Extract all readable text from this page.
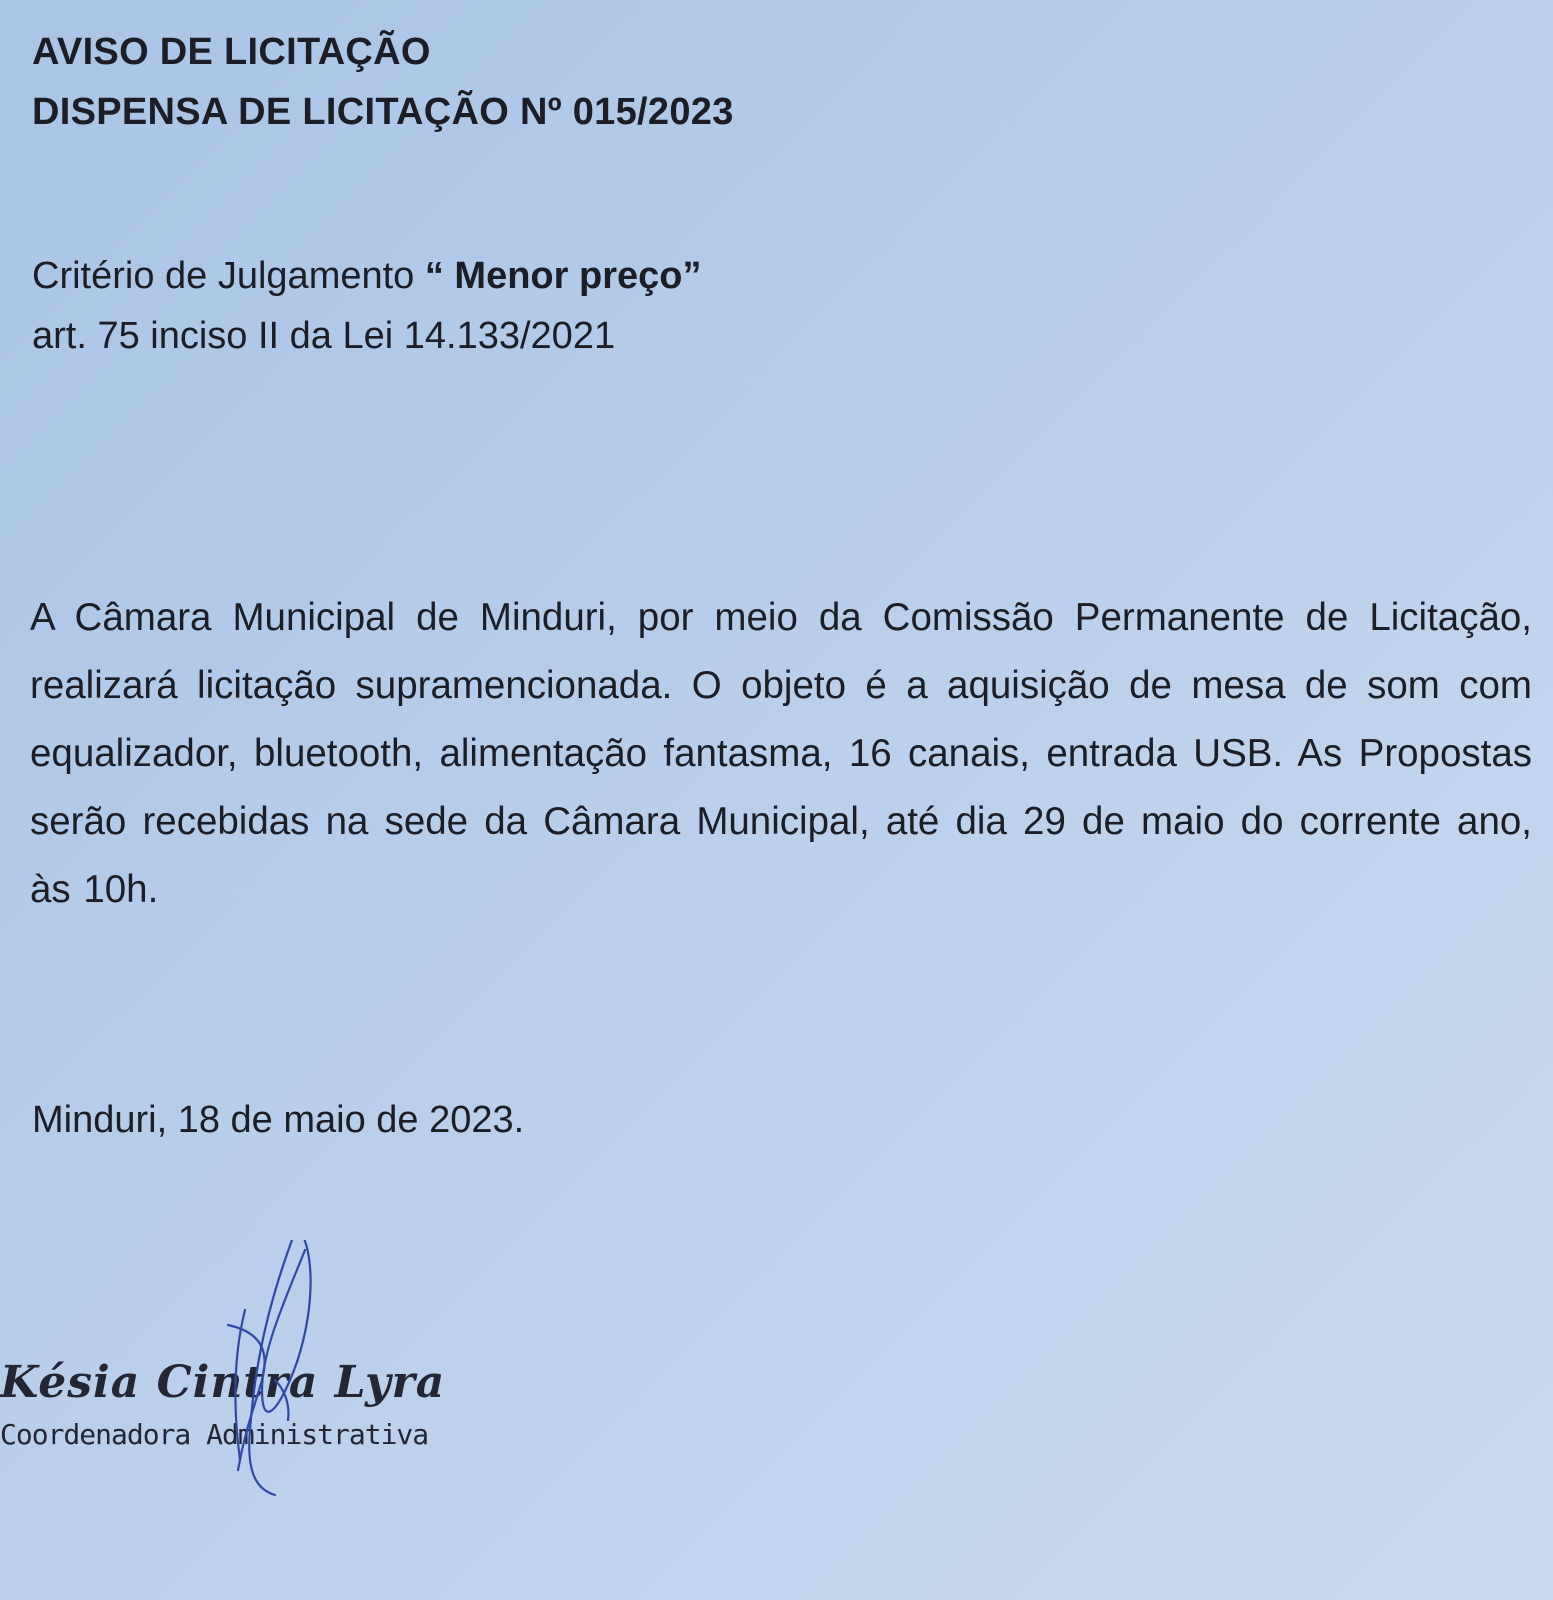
AVISO DE LICITAÇÃO
DISPENSA DE LICITAÇÃO Nº 015/2023
Critério de Julgamento “ Menor preço”
art. 75 inciso II da Lei 14.133/2021
A Câmara Municipal de Minduri, por meio da Comissão Permanente de Licitação, realizará licitação supramencionada. O objeto é a aquisição de mesa de som com equalizador, bluetooth, alimentação fantasma, 16 canais, entrada USB. As Propostas serão recebidas na sede da Câmara Municipal, até dia 29 de maio do corrente ano, às 10h.
Minduri, 18 de maio de 2023.
Késia Cintra Lyra
Coordenadora Administrativa
